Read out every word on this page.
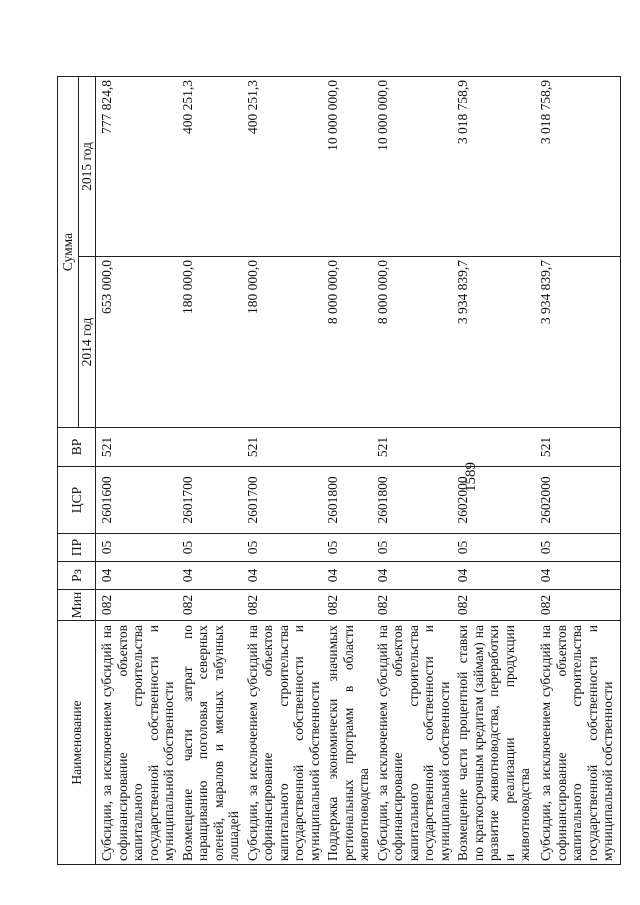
1589
Наименование	Мин	Рз	ПР	ЦСР	ВР	Сумма	
						2014 год	2015 год
Субсидии, за исключением субсидий на софинансирование объектов капитального строительства государственной собственности и муниципальной собственности	082	04	05	2601600	521	653 000,0	777 824,8
Возмещение части затрат по наращиванию поголовья северных оленей, маралов и мясных табунных лошадей	082	04	05	2601700		180 000,0	400 251,3
Субсидии, за исключением субсидий на софинансирование объектов капитального строительства государственной собственности и муниципальной собственности	082	04	05	2601700	521	180 000,0	400 251,3
Поддержка экономически значимых региональных программ в области животноводства	082	04	05	2601800		8 000 000,0	10 000 000,0
Субсидии, за исключением субсидий на софинансирование объектов капитального строительства государственной собственности и муниципальной собственности	082	04	05	2601800	521	8 000 000,0	10 000 000,0
Возмещение части процентной ставки по краткосрочным кредитам (займам) на развитие животноводства, переработки и реализации продукции животноводства	082	04	05	2602000		3 934 839,7	3 018 758,9
Субсидии, за исключением субсидий на софинансирование объектов капитального строительства государственной собственности и муниципальной собственности	082	04	05	2602000	521	3 934 839,7	3 018 758,9
